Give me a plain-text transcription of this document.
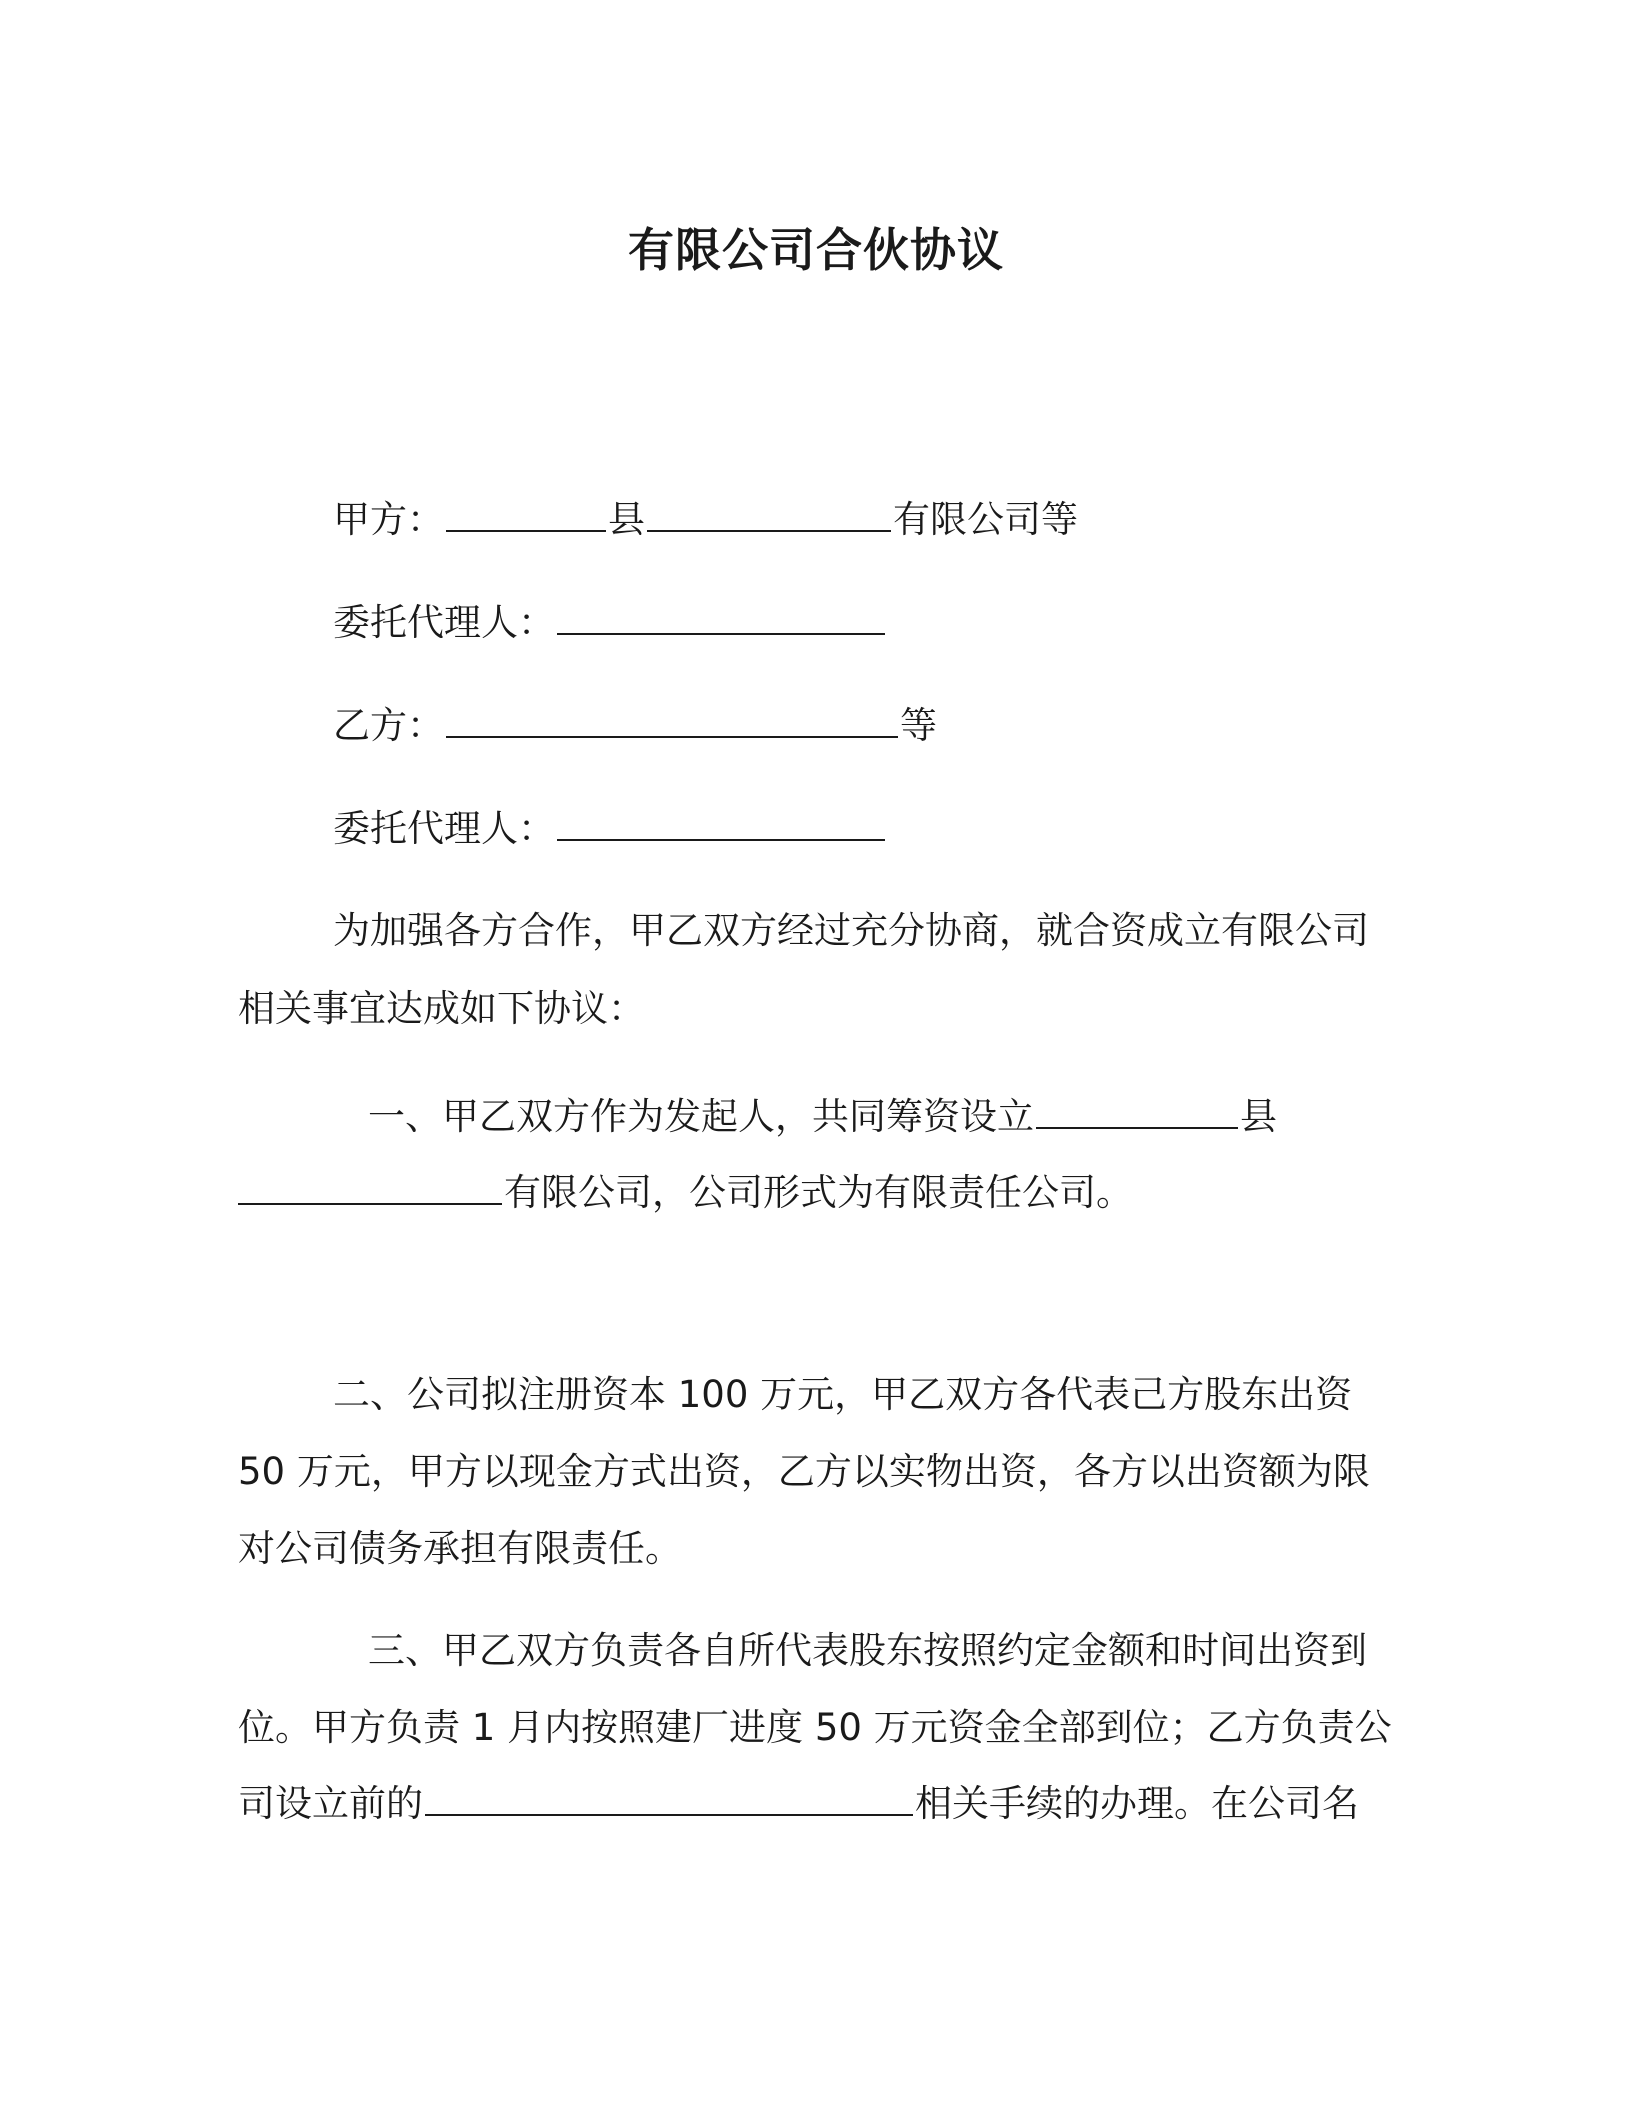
有限公司合伙协议
甲方：	县	有限公司等
委托代理人：
乙方：	等
委托代理人：
为加强各方合作，甲乙双方经过充分协商，就合资成立有限公司
相关事宜达成如下协议：
一、甲乙双方作为发起人，共同筹资设立	县
有限公司，公司形式为有限责任公司。
二、公司拟注册资本 100 万元，甲乙双方各代表己方股东出资
50 万元，甲方以现金方式出资，乙方以实物出资，各方以出资额为限
对公司债务承担有限责任。
三、甲乙双方负责各自所代表股东按照约定金额和时间出资到
位。甲方负责 1 月内按照建厂进度 50 万元资金全部到位；乙方负责公
司设立前的	相关手续的办理。在公司名
